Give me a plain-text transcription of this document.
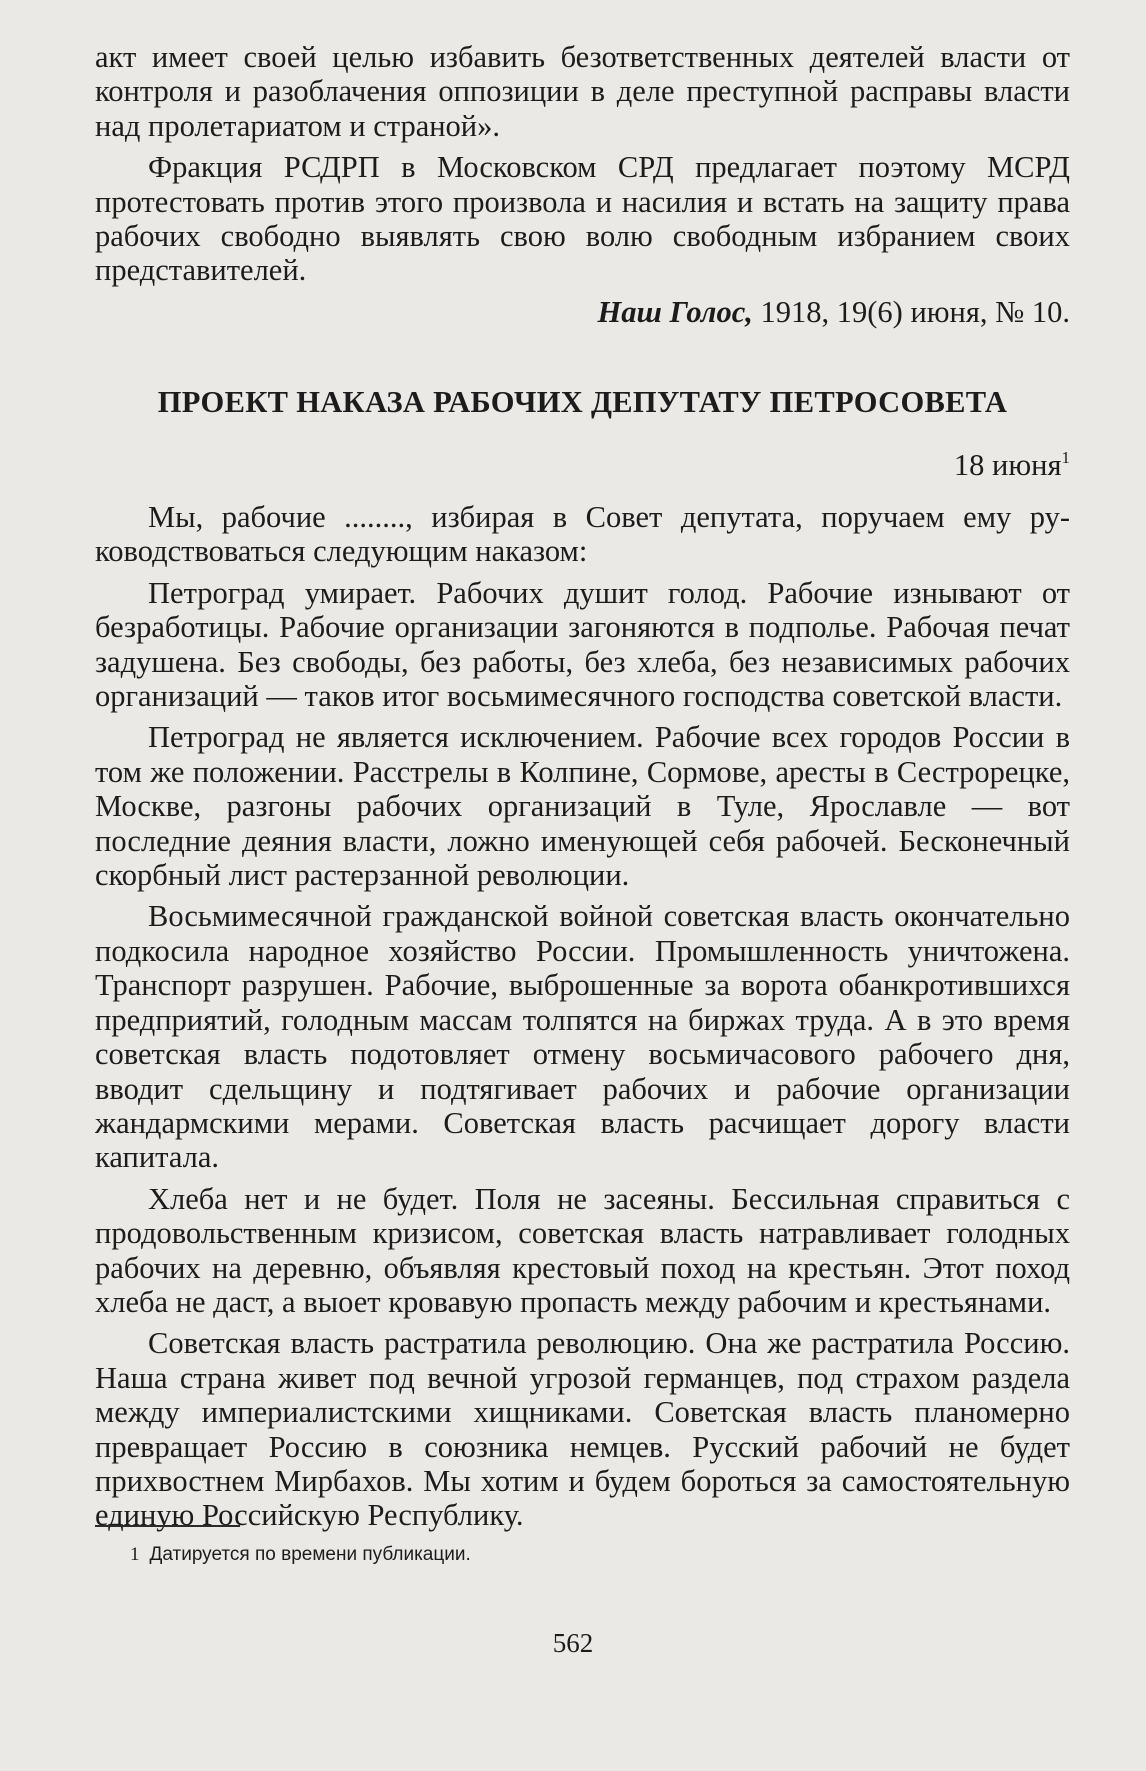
акт имеет своей целью избавить безответственных деятелей власти от контроля и разоблачения оппозиции в деле преступной расправы власти над пролетариатом и страной».

Фракция РСДРП в Московском СРД предлагает поэтому МСРД протестовать против этого произвола и насилия и встать на защиту права рабочих свободно выявлять свою волю свободным избранием своих представителей.

Наш Голос, 1918, 19(6) июня, № 10.

ПРОЕКТ НАКАЗА РАБОЧИХ ДЕПУТАТУ ПЕТРОСОВЕТА
18 июня$^1$

Мы, рабочие ........, избирая в Совет депутата, поручаем ему руководствоваться следующим наказом:

Петроград умирает. Рабочих душит голод. Рабочие изнывают от безработицы. Рабочие организации загоняются в подполье. Рабочая печат задушена. Без свободы, без работы, без хлеба, без независимых рабочих организаций — таков итог восьмимесячного господства советской власти.

Петроград не является исключением. Рабочие всех городов России в том же положении. Расстрелы в Колпине, Сормове, аресты в Сестрорецке, Москве, разгоны рабочих организаций в Туле, Ярославле — вот последние деяния власти, ложно именующей себя рабочей. Бесконечный скорбный лист растерзанной революции.

Восьмимесячной гражданской войной советская власть окончательно подкосила народное хозяйство России. Промышленность уничтожена. Транспорт разрушен. Рабочие, выброшенные за ворота обанкротившихся предприятий, голодным массам толпятся на биржах труда. А в это время советская власть подотовляет отмену восьмичасового рабочего дня, вводит сдельщину и подтягивает рабочих и рабочие организации жандармскими мерами. Советская власть расчищает дорогу власти капитала.

Хлеба нет и не будет. Поля не засеяны. Бессильная справиться с продовольственным кризисом, советская власть натравливает голодных рабочих на деревню, объявляя крестовый поход на крестьян. Этот поход хлеба не даст, а выоет кровавую пропасть между рабочим и крестьянами.

Советская власть растратила революцию. Она же растратила Россию. Наша страна живет под вечной угрозой германцев, под страхом раздела между империалистскими хищниками. Советская власть планомерно превращает Россию в союзника немцев. Русский рабочий не будет прихвостнем Мирбахов. Мы хотим и будем бороться за самостоятельную единую Российскую Республику.

1 Датируется по времени публикации.
562
